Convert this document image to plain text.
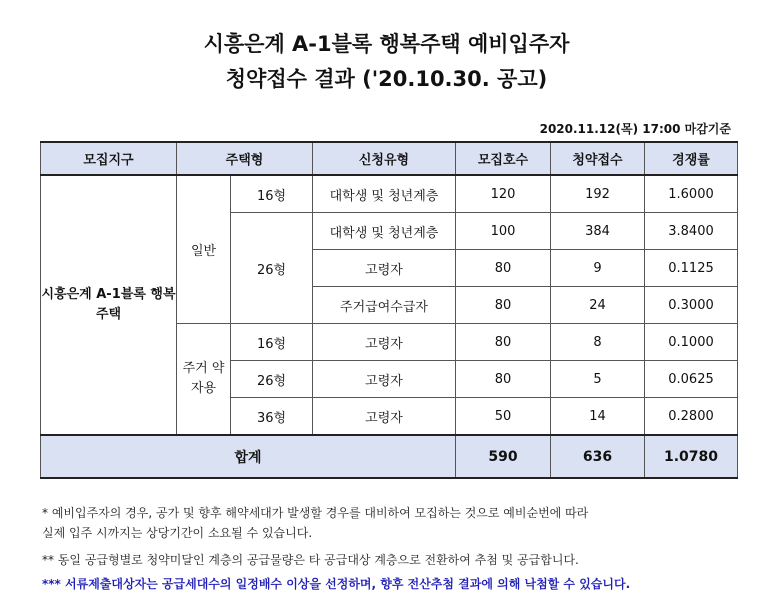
시흥은계 A-1블록 행복주택 예비입주자
청약접수 결과 ('20.10.30. 공고)
2020.11.12(목) 17:00 마감기준
모집지구	주택형		신청유형	모집호수	청약접수	경쟁률
시흥은계 A-1블록 행복주택	일반	16형	대학생 및 청년계층	120	192	1.6000
		26형	대학생 및 청년계층	100	384	3.8400
			고령자	80	9	0.1125
			주거급여수급자	80	24	0.3000
	주거 약자용	16형	고령자	80	8	0.1000
		26형	고령자	80	5	0.0625
		36형	고령자	50	14	0.2800
합계				590	636	1.0780
* 예비입주자의 경우, 공가 및 향후 해약세대가 발생할 경우를 대비하여 모집하는 것으로 예비순번에 따라
실제 입주 시까지는 상당기간이 소요될 수 있습니다.
** 동일 공급형별로 청약미달인 계층의 공급물량은 타 공급대상 계층으로 전환하여 추첨 및 공급합니다.
*** 서류제출대상자는 공급세대수의 일정배수 이상을 선정하며, 향후 전산추첨 결과에 의해 낙첨할 수 있습니다.
